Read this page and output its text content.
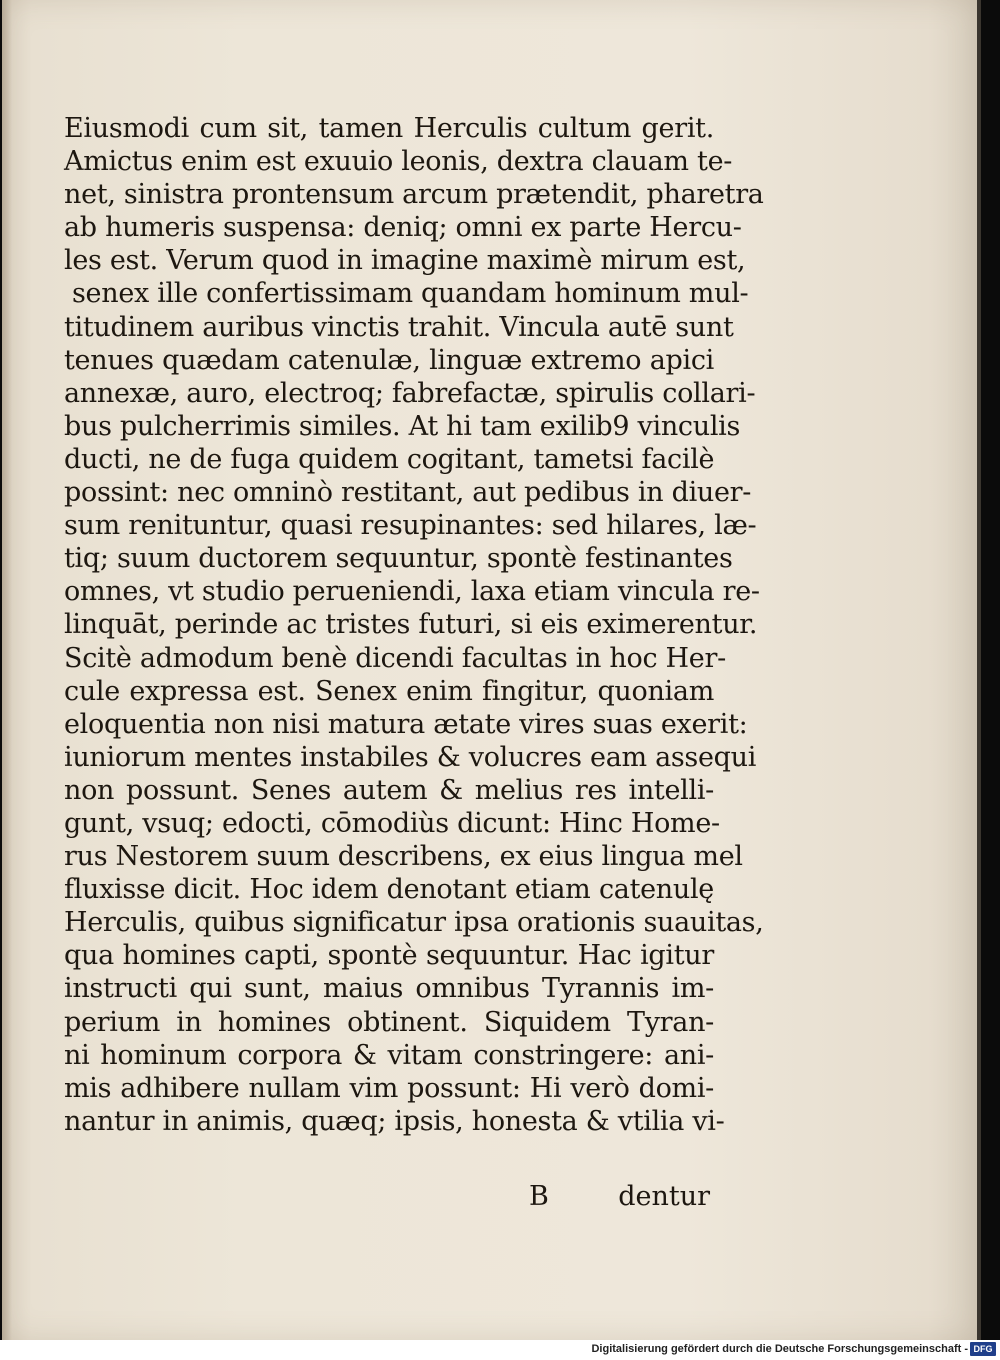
Eiusmodi cum sit, tamen Herculis cultum gerit.
Amictus enim est exuuio leonis, dextra clauam te-
net, sinistra prontensum arcum prætendit, pharetra
ab humeris suspensa: deniq; omni ex parte Hercu-
les est. Verum quod in imagine maximè mirum est,
senex ille confertissimam quandam hominum mul-
titudinem auribus vinctis trahit. Vincula autē sunt
tenues quædam catenulæ, linguæ extremo apici
annexæ, auro, electroq; fabrefactæ, spirulis collari-
bus pulcherrimis similes. At hi tam exilib9 vinculis
ducti, ne de fuga quidem cogitant, tametsi facilè
possint: nec omninò restitant, aut pedibus in diuer-
sum renituntur, quasi resupinantes: sed hilares, læ-
tiq; suum ductorem sequuntur, spontè festinantes
omnes, vt studio perueniendi, laxa etiam vincula re-
linquāt, perinde ac tristes futuri, si eis eximerentur.
Scitè admodum benè dicendi facultas in hoc Her-
cule expressa est. Senex enim fingitur, quoniam
eloquentia non nisi matura ætate vires suas exerit:
iuniorum mentes instabiles & volucres eam assequi
non possunt. Senes autem & melius res intelli-
gunt, vsuq; edocti, cōmodiùs dicunt: Hinc Home-
rus Nestorem suum describens, ex eius lingua mel
fluxisse dicit. Hoc idem denotant etiam catenulę
Herculis, quibus significatur ipsa orationis suauitas,
qua homines capti, spontè sequuntur. Hac igitur
instructi qui sunt, maius omnibus Tyrannis im-
perium in homines obtinent. Siquidem Tyran-
ni hominum corpora & vitam constringere: ani-
mis adhibere nullam vim possunt: Hi verò domi-
nantur in animis, quæq; ipsis, honesta & vtilia vi-
B	dentur
Digitalisierung gefördert durch die Deutsche Forschungsgemeinschaft - DFG
